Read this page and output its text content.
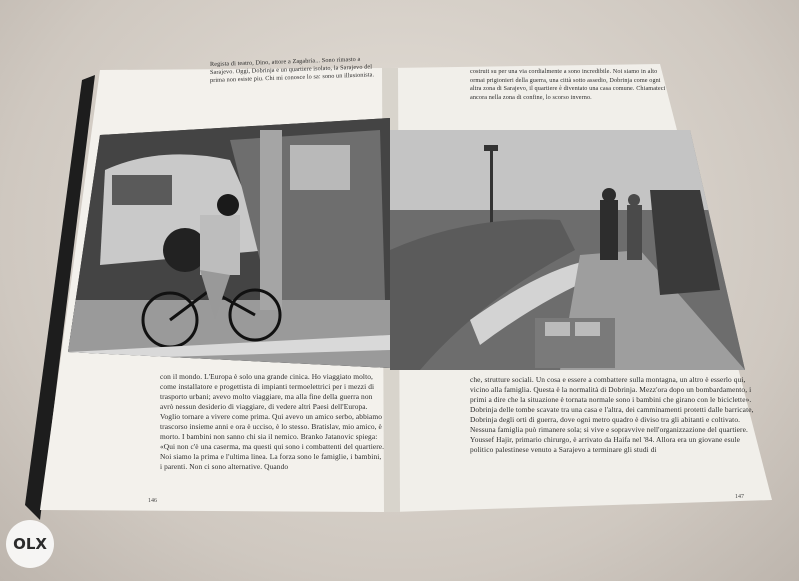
Regista di teatro, Dino, attore a Zagabria... Sono rimasto a Sarajevo. Oggi, Dobrinja e un quartiere isolato, la Sarajevo del prima non esiste piu. Chi mi conosce lo sa: sono un illusionista.	costruit su per una via cordialmente a sono incredibile. Noi siamo in alto ormai prigionieri della guerra, una città sotto assedio, Dobrinja come ogni altra zona di Sarajevo, il quartiere è diventato una casa comune. Chiamateci ancora nella zona di confine, lo scorso inverno.
con il mondo. L'Europa è solo una grande cinica. Ho viaggiato molto, come installatore e progettista di impianti termoelettrici per i mezzi di trasporto urbani; avevo molto viaggiare, ma alla fine della guerra non avrò nessun desiderio di viaggiare, di vedere altri Paesi dell'Europa. Voglio tornare a vivere come prima. Qui avevo un amico serbo, abbiamo trascorso insieme anni e ora è ucciso, è lo stesso. Bratislav, mio amico, è morto. I bambini non sanno chi sia il nemico. Branko Jatanovic spiega: «Qui non c'è una caserma, ma questi qui sono i combattenti del quartiere. Noi siamo la prima e l'ultima linea. La forza sono le famiglie, i bambini, i parenti. Non ci sono alternative. Quando
che, strutture sociali. Un cosa e essere a combattere sulla montagna, un altro è esserlo qui, vicino alla famiglia. Questa è la normalità di Dobrinja. Mezz'ora dopo un bombardamento, i primi a dire che la situazione è tornata normale sono i bambini che girano con le biciclette». Dobrinja delle tombe scavate tra una casa e l'altra, dei camminamenti protetti dalle barricate, Dobrinja degli orti di guerra, dove ogni metro quadro è diviso tra gli abitanti e coltivato. Nessuna famiglia può rimanere sola; si vive e sopravvive nell'organizzazione del quartiere. Youssef Hajir, primario chirurgo, è arrivato da Haifa nel '84. Allora era un giovane esule politico palestinese venuto a Sarajevo a terminare gli studi di
146
147
OLX
